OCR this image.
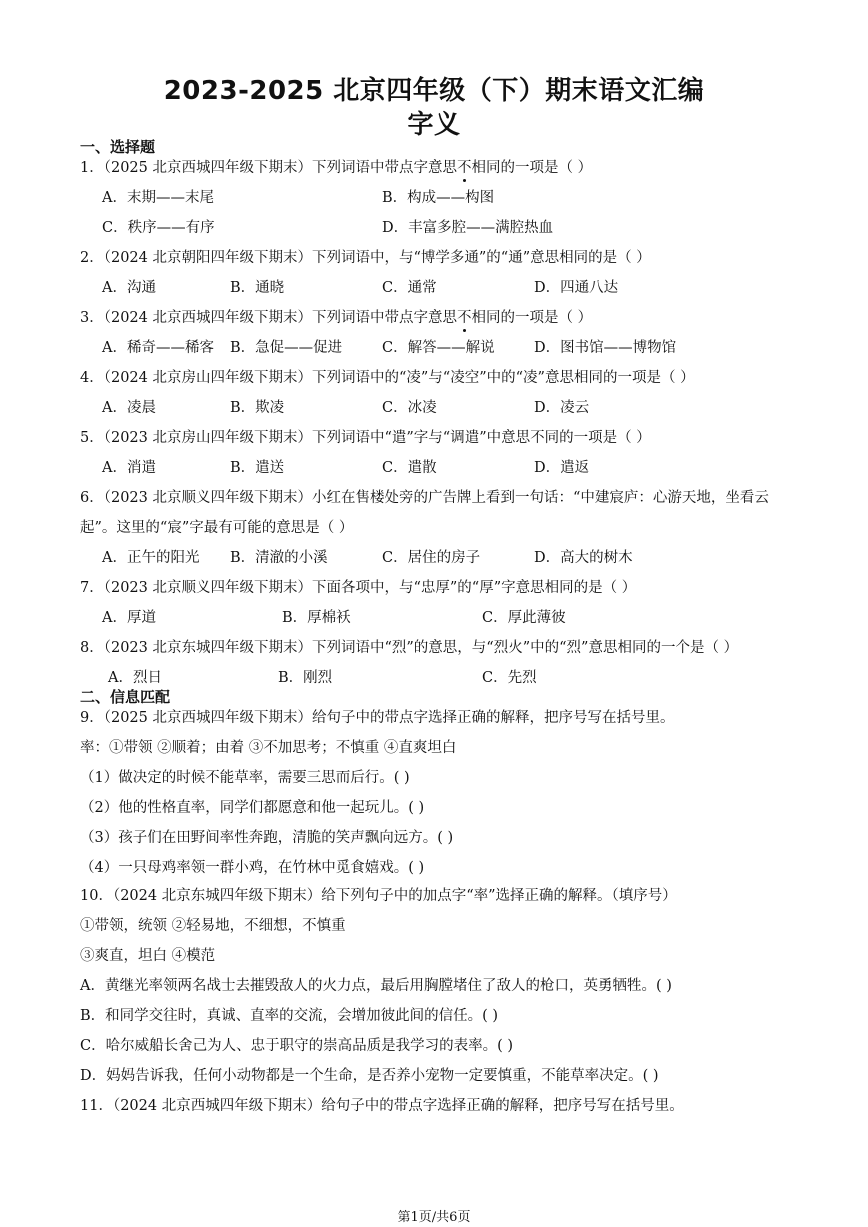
2023-2025 北京四年级（下）期末语文汇编
字义
一、选择题
1．（2025 北京西城四年级下期末）下列词语中带点字意思不相同的一项是（ ）
A．末期——末尾	B．构成——构图
C．秩序——有序	D．丰富多腔——满腔热血
2．（2024 北京朝阳四年级下期末）下列词语中，与“博学多通”的“通”意思相同的是（ ）
A．沟通	B．通晓	C．通常	D．四通八达
3．（2024 北京西城四年级下期末）下列词语中带点字意思不相同的一项是（ ）
A．稀奇——稀客 B．急促——促进	C．解答——解说	D．图书馆——博物馆
4．（2024 北京房山四年级下期末）下列词语中的“凌”与“凌空”中的“凌”意思相同的一项是（ ）
A．凌晨	B．欺凌	C．冰凌	D．凌云
5．（2023 北京房山四年级下期末）下列词语中“遣”字与“调遣”中意思不同的一项是（ ）
A．消遣	B．遣送	C．遣散	D．遣返
6．（2023 北京顺义四年级下期末）小红在售楼处旁的广告牌上看到一句话：“中建宸庐：心游天地，坐看云
起”。这里的“宸”字最有可能的意思是（ ）
A．正午的阳光 B．清澈的小溪	C．居住的房子	D．高大的树木
7．（2023 北京顺义四年级下期末）下面各项中，与“忠厚”的“厚”字意思相同的是（ ）
A．厚道	B．厚棉袄	C．厚此薄彼
8．（2023 北京东城四年级下期末）下列词语中“烈”的意思，与“烈火”中的“烈”意思相同的一个是（ ）
A．烈日	B．刚烈	C．先烈
二、信息匹配
9．（2025 北京西城四年级下期末）给句子中的带点字选择正确的解释，把序号写在括号里。
率：①带领 ②顺着；由着 ③不加思考；不慎重 ④直爽坦白
（1）做决定的时候不能草率，需要三思而后行。( )
（2）他的性格直率，同学们都愿意和他一起玩儿。( )
（3）孩子们在田野间率性奔跑，清脆的笑声飘向远方。( )
（4）一只母鸡率领一群小鸡，在竹林中觅食嬉戏。( )
10．（2024 北京东城四年级下期末）给下列句子中的加点字“率”选择正确的解释。（填序号）
①带领，统领 ②轻易地，不细想，不慎重
③爽直，坦白 ④模范
A．黄继光率领两名战士去摧毁敌人的火力点，最后用胸膛堵住了敌人的枪口，英勇牺牲。( )
B．和同学交往时，真诚、直率的交流，会增加彼此间的信任。( )
C．哈尔威船长舍己为人、忠于职守的崇高品质是我学习的表率。( )
D．妈妈告诉我，任何小动物都是一个生命，是否养小宠物一定要慎重，不能草率决定。( )
11．（2024 北京西城四年级下期末）给句子中的带点字选择正确的解释，把序号写在括号里。
第1页/共6页
